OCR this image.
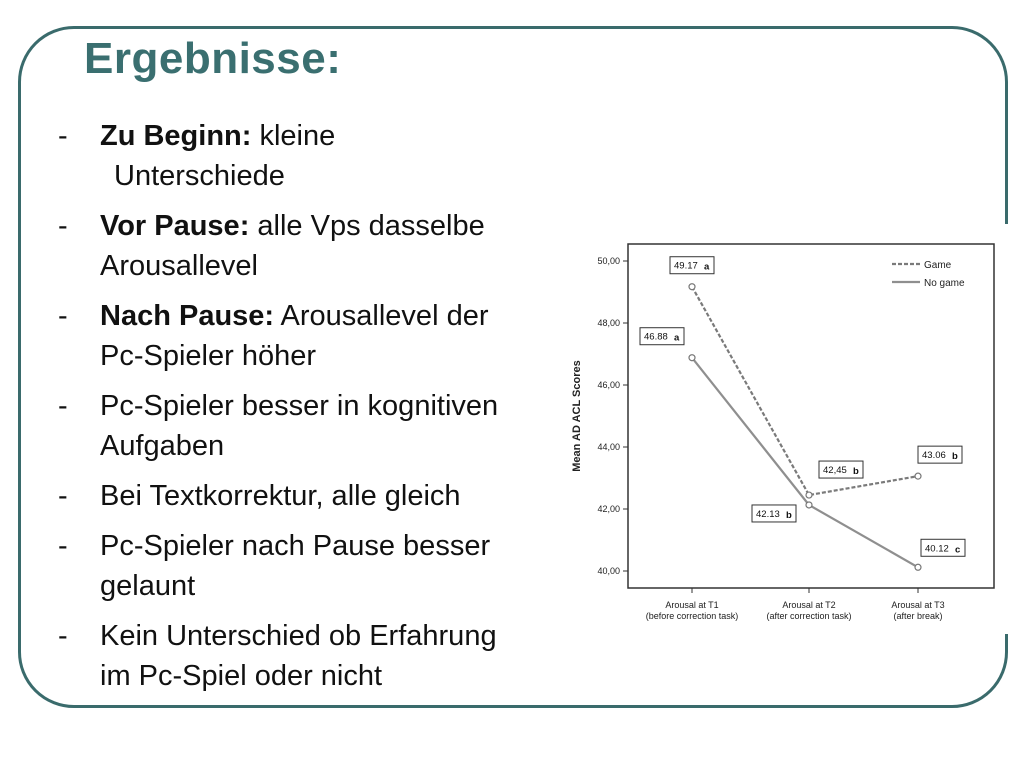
Ergebnisse:
-	Zu Beginn: kleine
Unterschiede
-	Vor Pause: alle Vps dasselbe
Arousallevel
-	Nach Pause: Arousallevel der
Pc-Spieler höher
-	Pc-Spieler besser in kognitiven
Aufgaben
-	Bei Textkorrektur, alle gleich
-	Pc-Spieler nach Pause besser
gelaunt
-	Kein Unterschied ob Erfahrung
im Pc-Spiel oder nicht
40,00
42,00
44,00
46,00
48,00
50,00
Mean AD ACL Scores
Arousal at T1
(before correction task)
Arousal at T2
(after correction task)
Arousal at T3
(after break)
49.17 a
42,45 b
43.06 b
46.88 a
42.13 b
40.12 c
Game
No game
